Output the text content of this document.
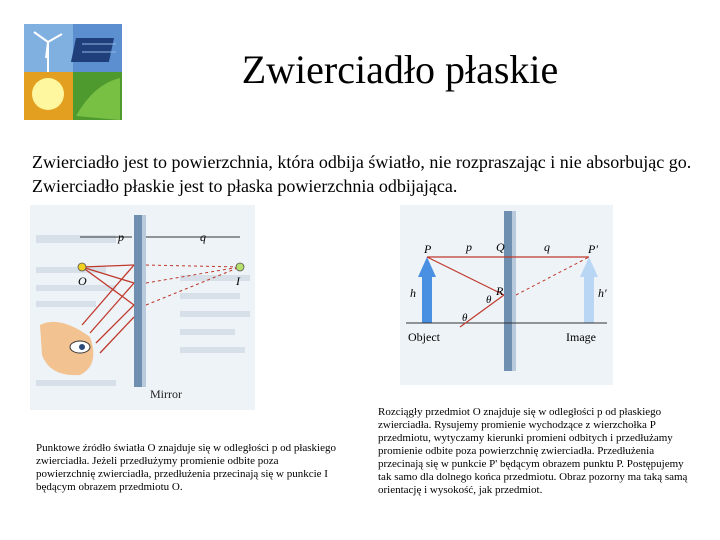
Zwierciadło płaskie
Zwierciadło jest to powierzchnia, która odbija światło, nie rozpraszając i nie absorbując go. Zwierciadło płaskie jest to płaska powierzchnia odbijająca.
p	q
O	I
Mirror
P	p Q	q	P′
h	h′
R
θ
θ
Object	Image
Punktowe źródło światła O znajduje się w odległości p od płaskiego zwierciadła. Jeżeli przedłużymy promienie odbite poza powierzchnię zwierciadła, przedłużenia przecinają się w punkcie I będącym obrazem przedmiotu O.
Rozciągły przedmiot O znajduje się w odległości p od płaskiego zwierciadła. Rysujemy promienie wychodzące z wierzchołka P przedmiotu, wytyczamy kierunki promieni odbitych i przedłużamy promienie odbite poza powierzchnię zwierciadła. Przedłużenia przecinają się w punkcie P' będącym obrazem punktu P. Postępujemy tak samo dla dolnego końca przedmiotu. Obraz pozorny ma taką samą orientację i wysokość, jak przedmiot.
